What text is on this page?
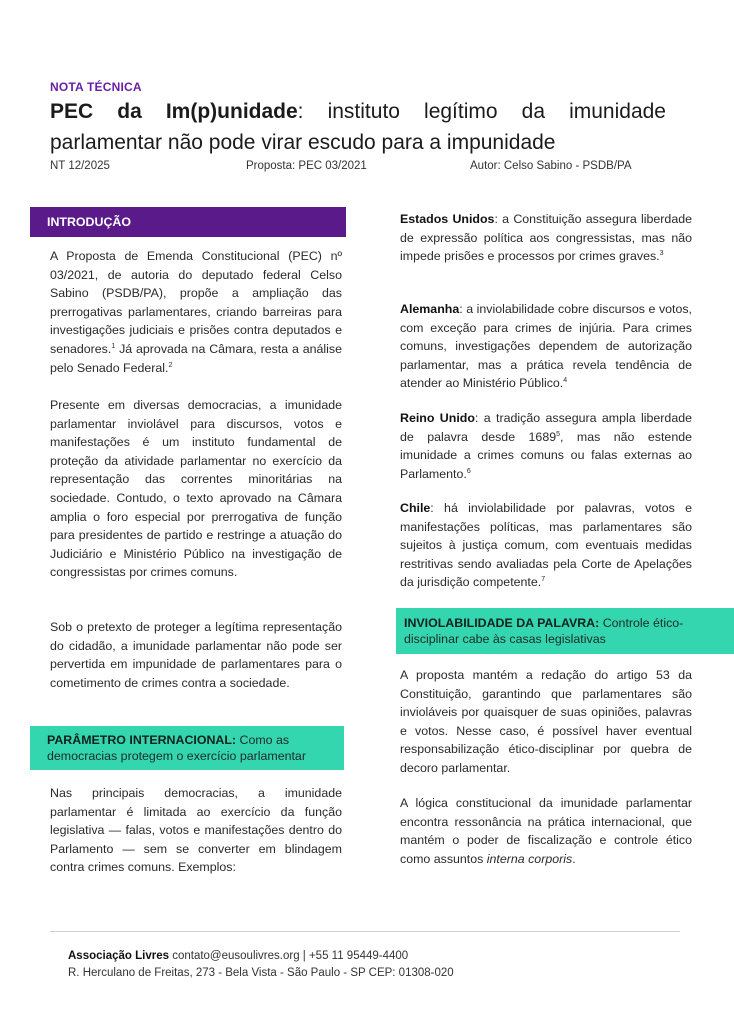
NOTA TÉCNICA
PEC da Im(p)unidade: instituto legítimo da imunidade parlamentar não pode virar escudo para a impunidade
NT 12/2025	Proposta: PEC 03/2021	Autor: Celso Sabino - PSDB/PA
INTRODUÇÃO

A Proposta de Emenda Constitucional (PEC) nº 03/2021, de autoria do deputado federal Celso Sabino (PSDB/PA), propõe a ampliação das prerrogativas parlamentares, criando barreiras para investigações judiciais e prisões contra deputados e senadores.$^1$ Já aprovada na Câmara, resta a análise pelo Senado Federal.$^2$

Presente em diversas democracias, a imunidade parlamentar inviolável para discursos, votos e manifestações é um instituto fundamental de proteção da atividade parlamentar no exercício da representação das correntes minoritárias na sociedade. Contudo, o texto aprovado na Câmara amplia o foro especial por prerrogativa de função para presidentes de partido e restringe a atuação do Judiciário e Ministério Público na investigação de congressistas por crimes comuns.

Sob o pretexto de proteger a legítima representação do cidadão, a imunidade parlamentar não pode ser pervertida em impunidade de parlamentares para o cometimento de crimes contra a sociedade.

PARÂMETRO INTERNACIONAL: Como as democracias protegem o exercício parlamentar

Nas principais democracias, a imunidade parlamentar é limitada ao exercício da função legislativa — falas, votos e manifestações dentro do Parlamento — sem se converter em blindagem contra crimes comuns. Exemplos:

Estados Unidos: a Constituição assegura liberdade de expressão política aos congressistas, mas não impede prisões e processos por crimes graves.$^3$

Alemanha: a inviolabilidade cobre discursos e votos, com exceção para crimes de injúria. Para crimes comuns, investigações dependem de autorização parlamentar, mas a prática revela tendência de atender ao Ministério Público.$^4$

Reino Unido: a tradição assegura ampla liberdade de palavra desde 1689$^5$, mas não estende imunidade a crimes comuns ou falas externas ao Parlamento.$^6$

Chile: há inviolabilidade por palavras, votos e manifestações políticas, mas parlamentares são sujeitos à justiça comum, com eventuais medidas restritivas sendo avaliadas pela Corte de Apelações da jurisdição competente.$^7$

INVIOLABILIDADE DA PALAVRA: Controle ético-disciplinar cabe às casas legislativas

A proposta mantém a redação do artigo 53 da Constituição, garantindo que parlamentares são invioláveis por quaisquer de suas opiniões, palavras e votos. Nesse caso, é possível haver eventual responsabilização ético-disciplinar por quebra de decoro parlamentar.

A lógica constitucional da imunidade parlamentar encontra ressonância na prática internacional, que mantém o poder de fiscalização e controle ético como assuntos interna corporis.

Associação Livres contato@eusoulivres.org | +55 11 95449-4400
R. Herculano de Freitas, 273 - Bela Vista - São Paulo - SP CEP: 01308-020
